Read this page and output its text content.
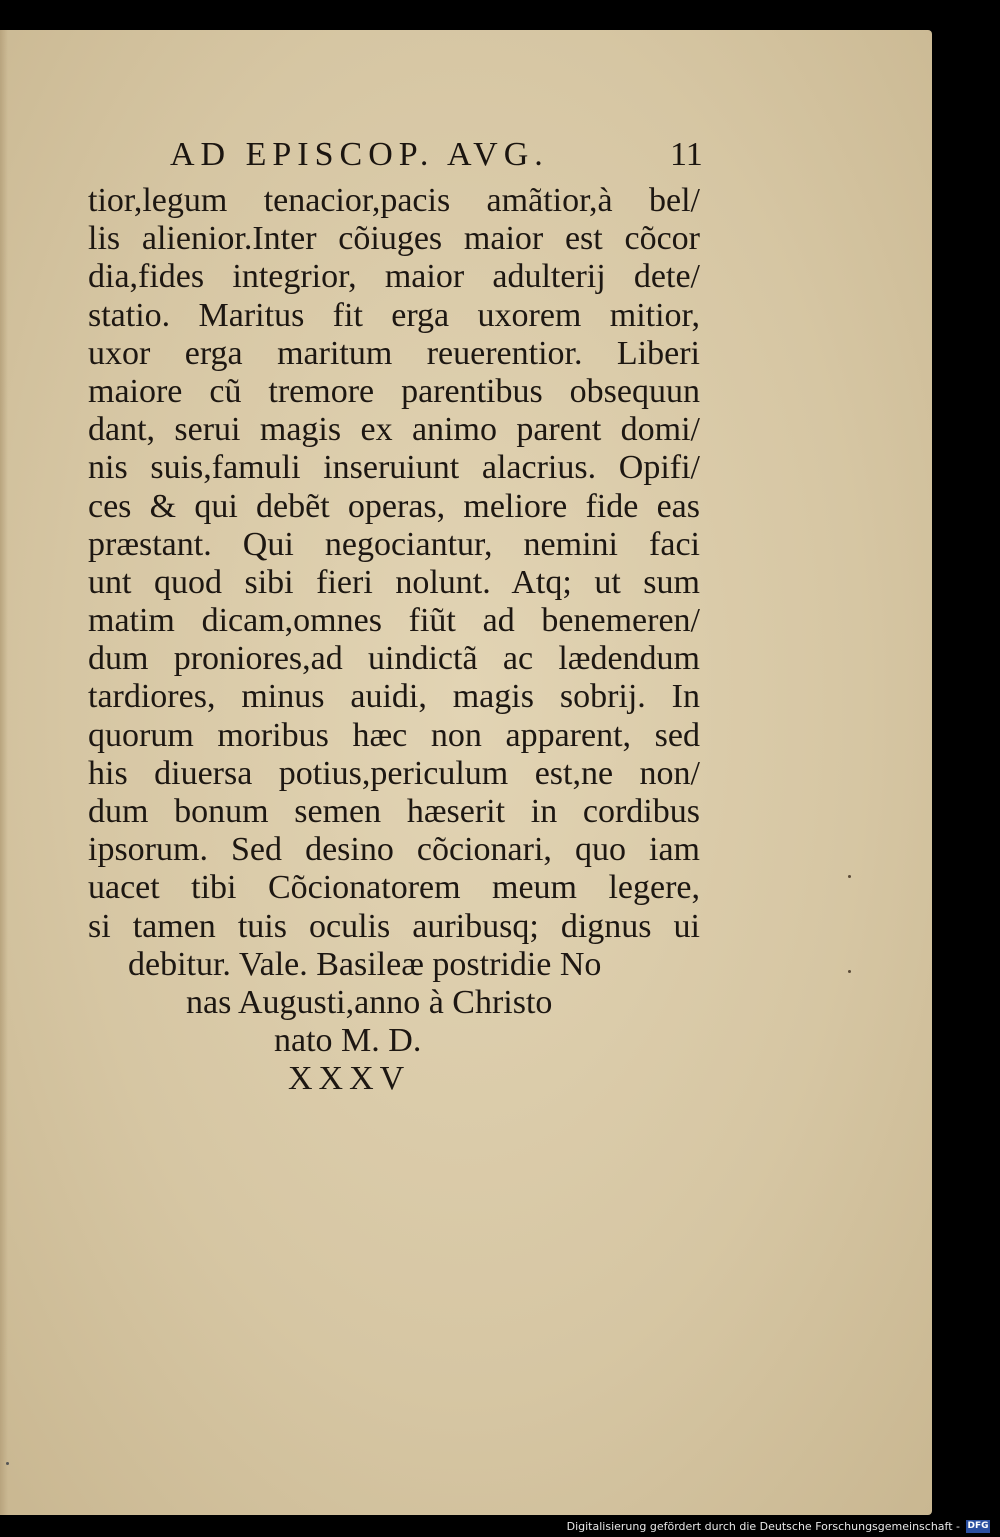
AD EPISCOP. AVG.	11
tior,legum tenacior,pacis amãtior,à bel/
lis alienior.Inter cõiuges maior est cõcor
dia,fides integrior, maior adulterij dete/
statio. Maritus fit erga uxorem mitior,
uxor erga maritum reuerentior. Liberi
maiore cũ tremore parentibus obsequun
dant, serui magis ex animo parent domi/
nis suis,famuli inseruiunt alacrius. Opifi/
ces & qui debẽt operas, meliore fide eas
præstant. Qui negociantur, nemini faci
unt quod sibi fieri nolunt. Atq; ut sum
matim dicam,omnes fiũt ad benemeren/
dum proniores,ad uindictã ac lædendum
tardiores, minus auidi, magis sobrij. In
quorum moribus hæc non apparent, sed
his diuersa potius,periculum est,ne non/
dum bonum semen hæserit in cordibus
ipsorum. Sed desino cõcionari, quo iam
uacet tibi Cõcionatorem meum legere,
si tamen tuis oculis auribusq; dignus ui
debitur. Vale. Basileæ postridie No
nas Augusti,anno à Christo
nato M. D.
XXXV
Digitalisierung gefördert durch die Deutsche Forschungsgemeinschaft - DFG
